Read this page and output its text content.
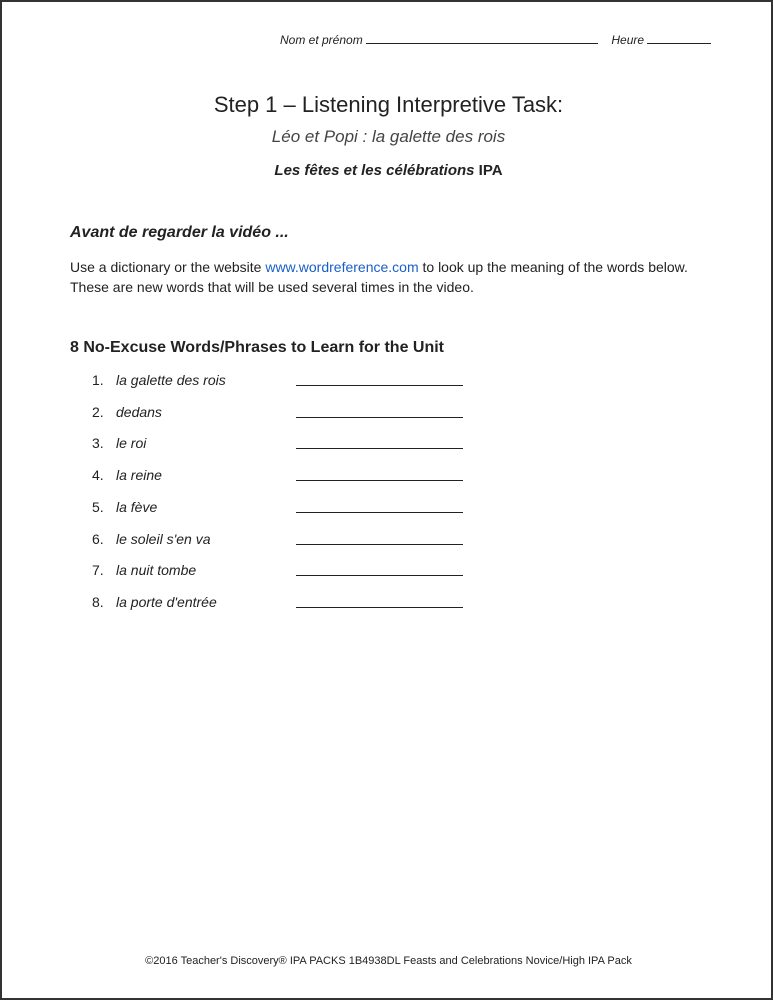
Nom et prénom	Heure
Step 1 – Listening Interpretive Task:
Léo et Popi : la galette des rois
Les fêtes et les célébrations IPA
Avant de regarder la vidéo ...
Use a dictionary or the website www.wordreference.com to look up the meaning of the words below. These are new words that will be used several times in the video.
8 No-Excuse Words/Phrases to Learn for the Unit
1. la galette des rois
2. dedans
3. le roi
4. la reine
5. la fève
6. le soleil s'en va
7. la nuit tombe
8. la porte d'entrée
©2016 Teacher's Discovery® IPA PACKS 1B4938DL Feasts and Celebrations Novice/High IPA Pack
